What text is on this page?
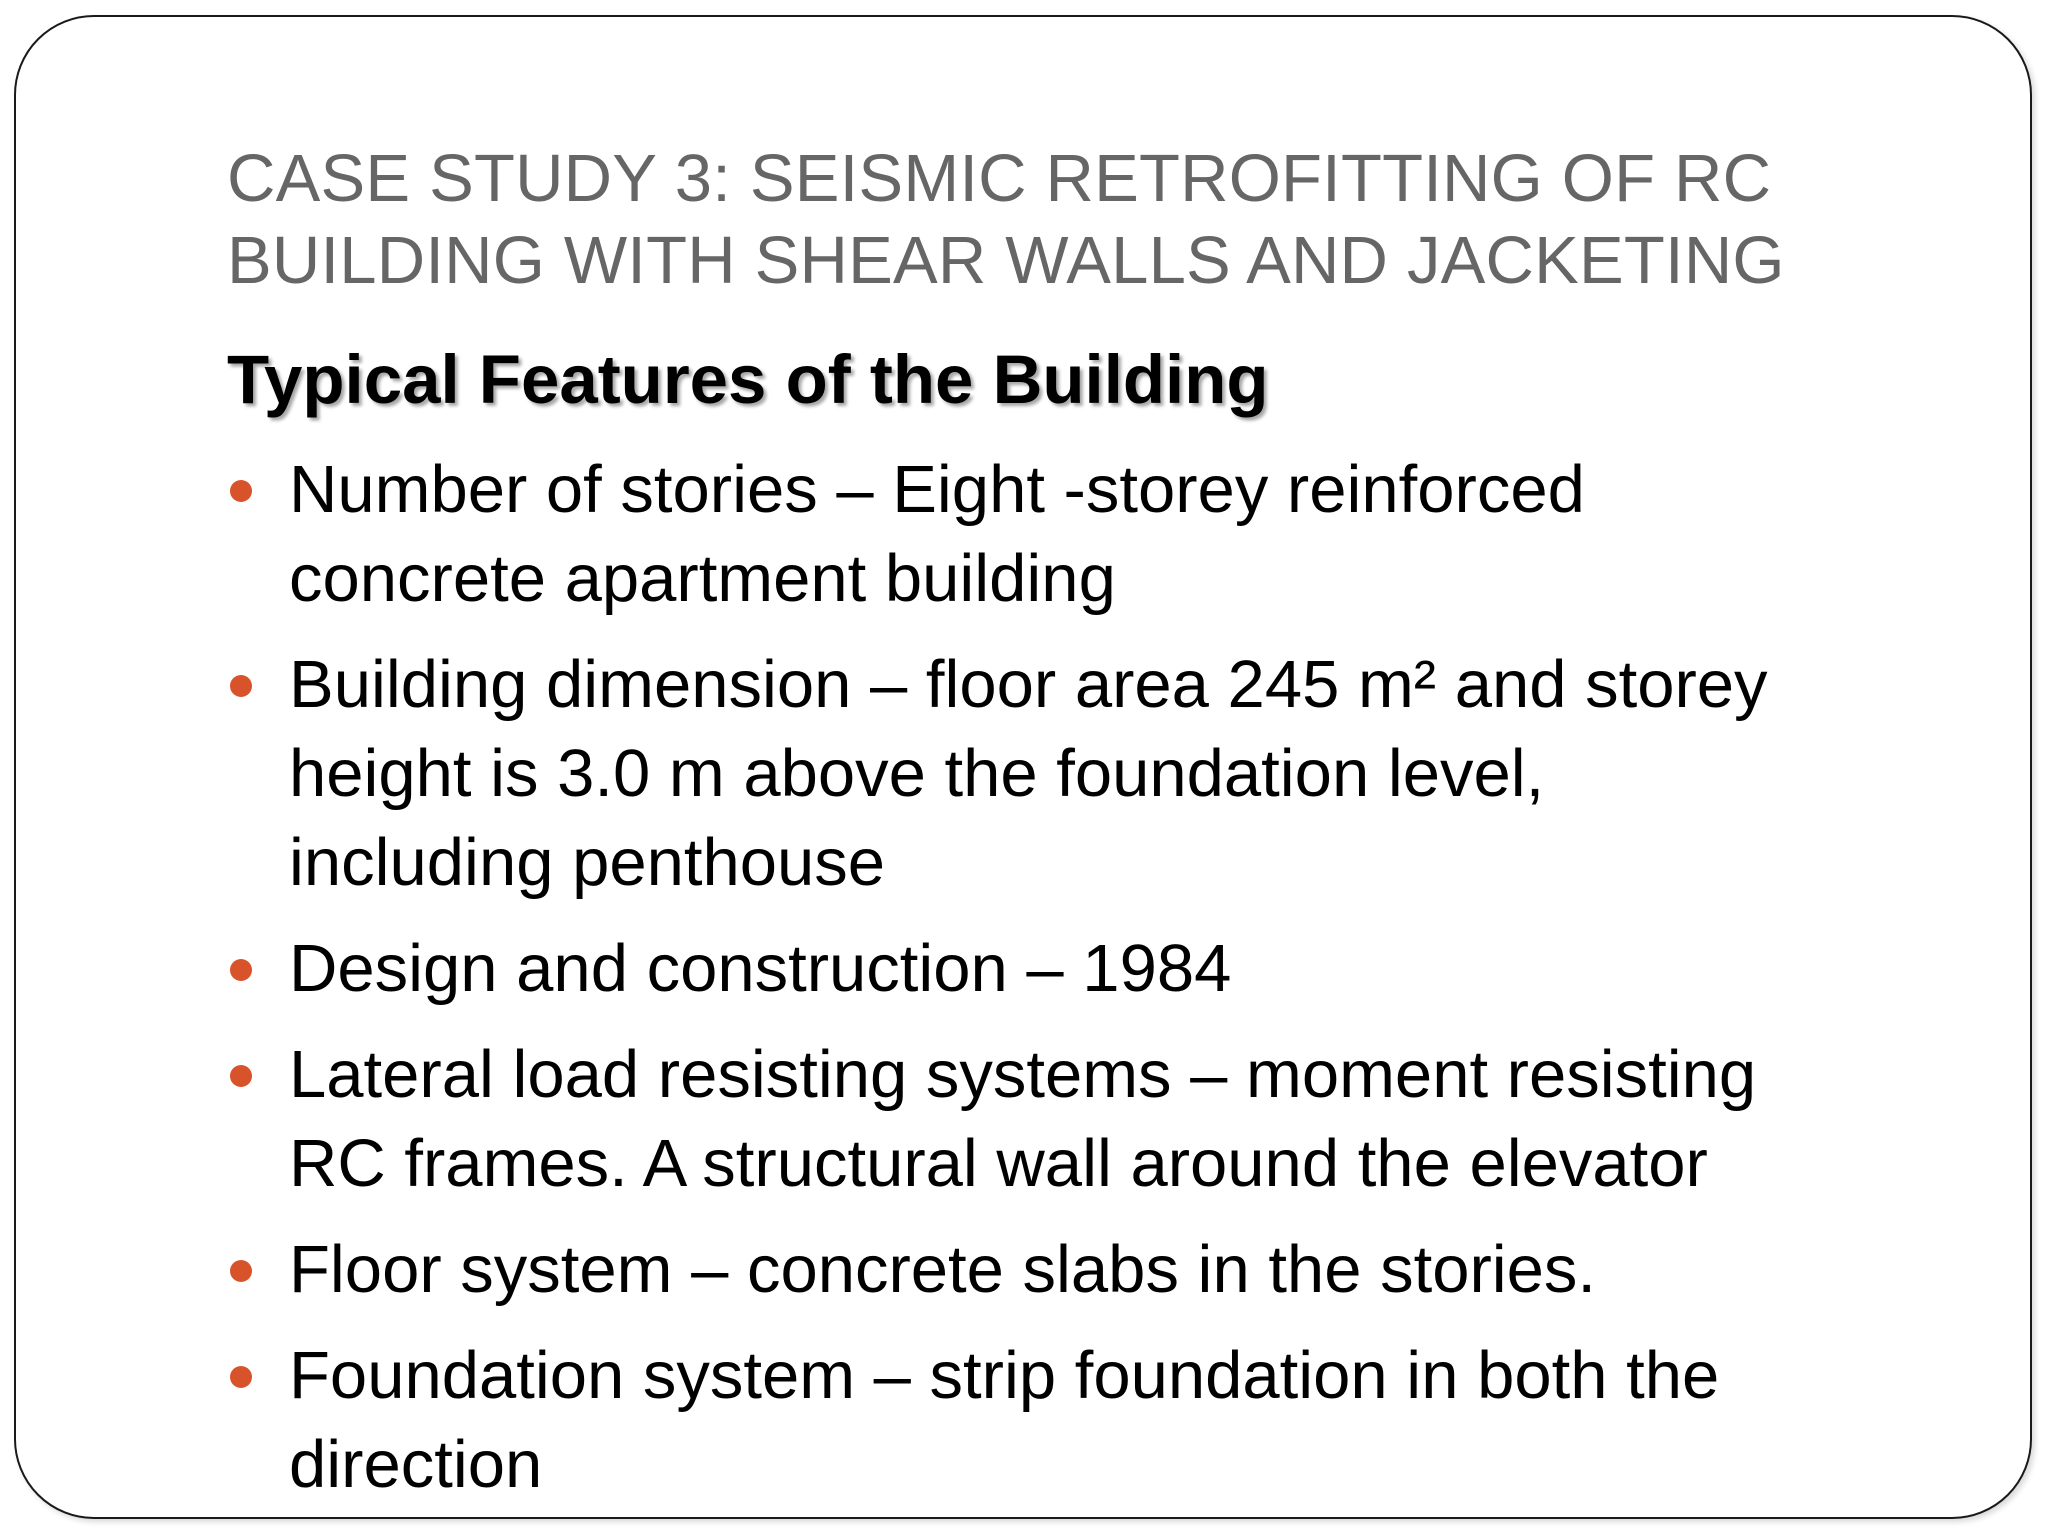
CASE STUDY 3: SEISMIC RETROFITTING OF RC
BUILDING WITH SHEAR WALLS AND JACKETING
Typical Features of the Building
Number of stories – Eight -storey reinforced
concrete apartment building
Building dimension – floor area 245 m² and storey
height is 3.0 m above the foundation level,
including penthouse
Design and construction – 1984
Lateral load resisting systems – moment resisting
RC frames. A structural wall around the elevator
Floor system – concrete slabs in the stories.
Foundation system – strip foundation in both the
direction
